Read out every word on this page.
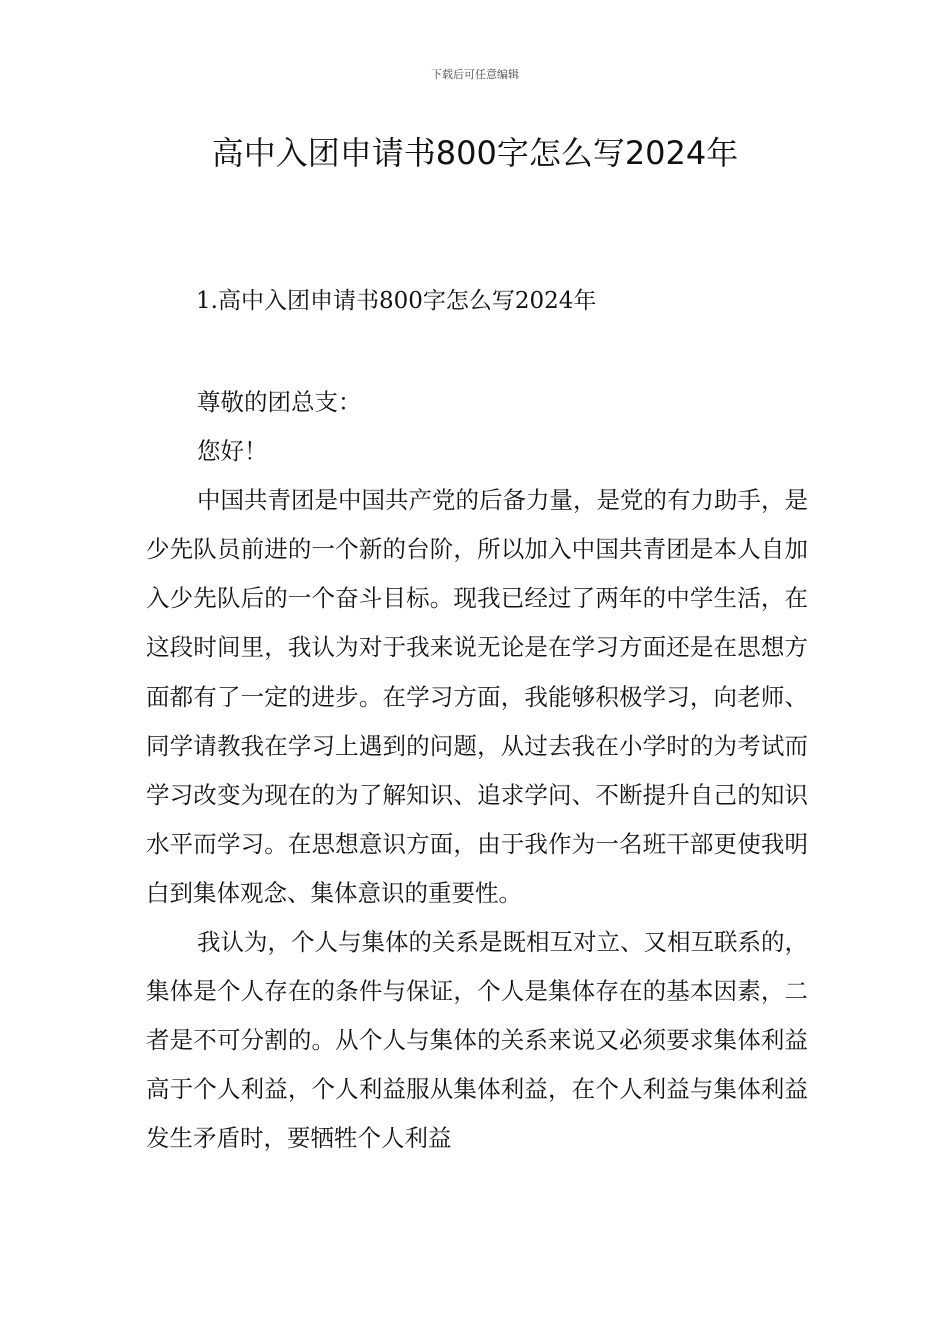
下载后可任意编辑
高中入团申请书800字怎么写2024年
1.高中入团申请书800字怎么写2024年

尊敬的团总支：

您好！

中国共青团是中国共产党的后备力量，是党的有力助手，是少先队员前进的一个新的台阶，所以加入中国共青团是本人自加入少先队后的一个奋斗目标。现我已经过了两年的中学生活，在这段时间里，我认为对于我来说无论是在学习方面还是在思想方面都有了一定的进步。在学习方面，我能够积极学习，向老师、同学请教我在学习上遇到的问题，从过去我在小学时的为考试而学习改变为现在的为了解知识、追求学问、不断提升自己的知识水平而学习。在思想意识方面，由于我作为一名班干部更使我明白到集体观念、集体意识的重要性。

我认为，个人与集体的关系是既相互对立、又相互联系的，集体是个人存在的条件与保证，个人是集体存在的基本因素，二者是不可分割的。从个人与集体的关系来说又必须要求集体利益高于个人利益，个人利益服从集体利益，在个人利益与集体利益发生矛盾时，要牺牲个人利益
